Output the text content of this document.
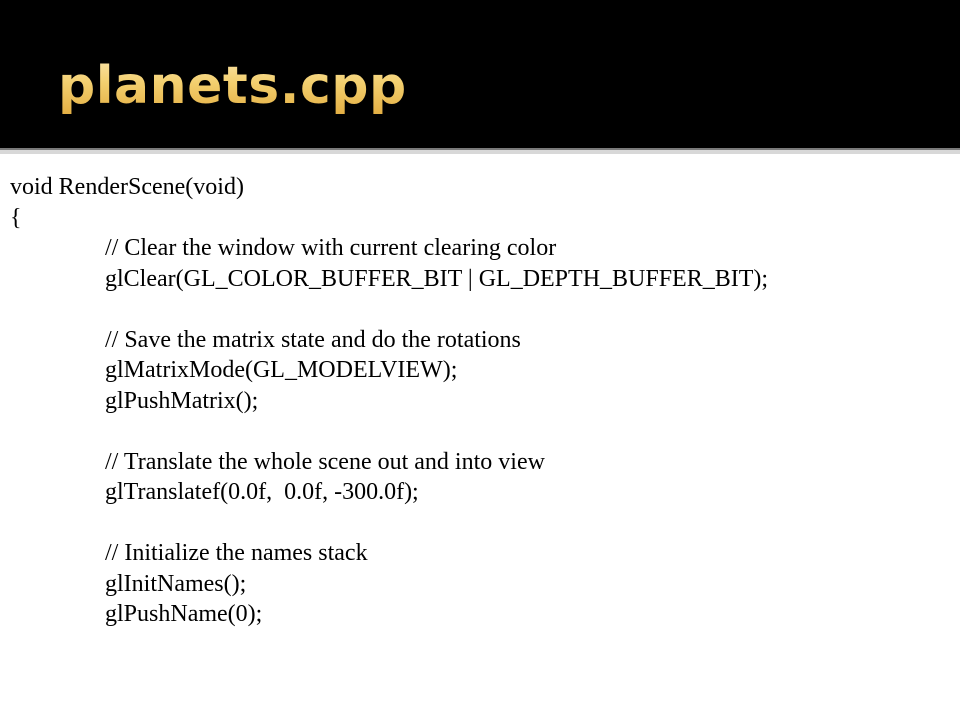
planets.cpp
void RenderScene(void)
{
// Clear the window with current clearing color
glClear(GL_COLOR_BUFFER_BIT | GL_DEPTH_BUFFER_BIT);
// Save the matrix state and do the rotations
glMatrixMode(GL_MODELVIEW);
glPushMatrix();
// Translate the whole scene out and into view
glTranslatef(0.0f,  0.0f, -300.0f);
// Initialize the names stack
glInitNames();
glPushName(0);
